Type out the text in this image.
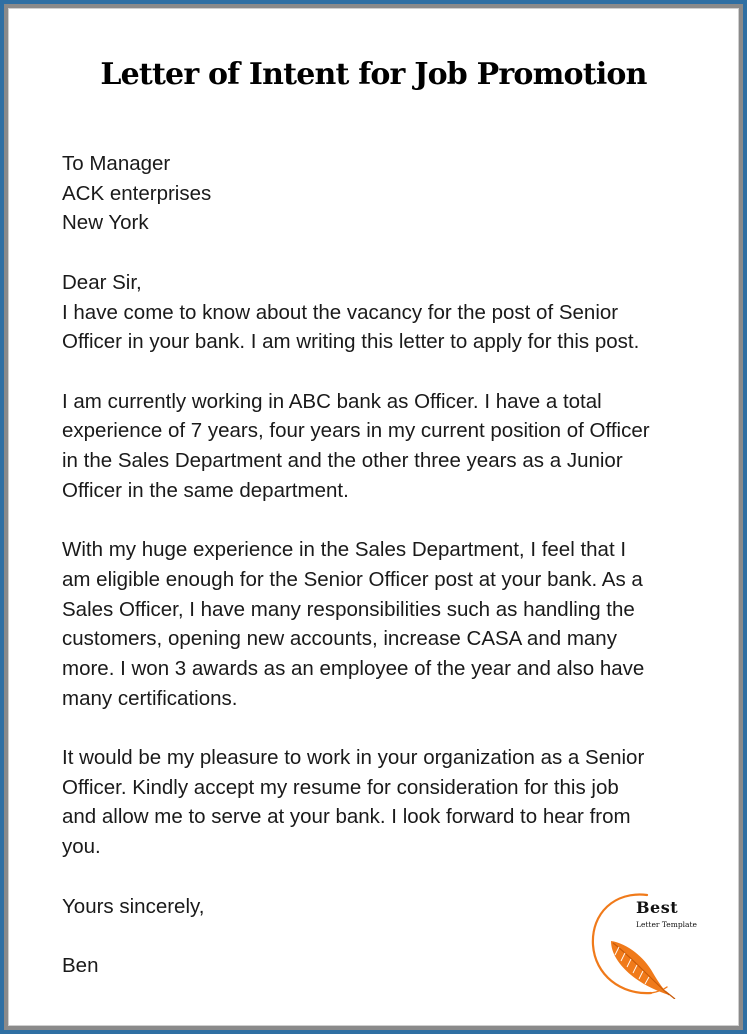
Letter of Intent for Job Promotion

To Manager

ACK enterprises

New York

Dear Sir,

I have come to know about the vacancy for the post of Senior

Officer in your bank. I am writing this letter to apply for this post.

I am currently working in ABC bank as Officer. I have a total

experience of 7 years, four years in my current position of Officer

in the Sales Department and the other three years as a Junior

Officer in the same department.

With my huge experience in the Sales Department, I feel that I

am eligible enough for the Senior Officer post at your bank. As a

Sales Officer, I have many responsibilities such as handling the

customers, opening new accounts, increase CASA and many

more. I won 3 awards as an employee of the year and also have

many certifications.

It would be my pleasure to work in your organization as a Senior

Officer. Kindly accept my resume for consideration for this job

and allow me to serve at your bank. I look forward to hear from

you.

Yours sincerely,

Ben

Best
Letter Template
